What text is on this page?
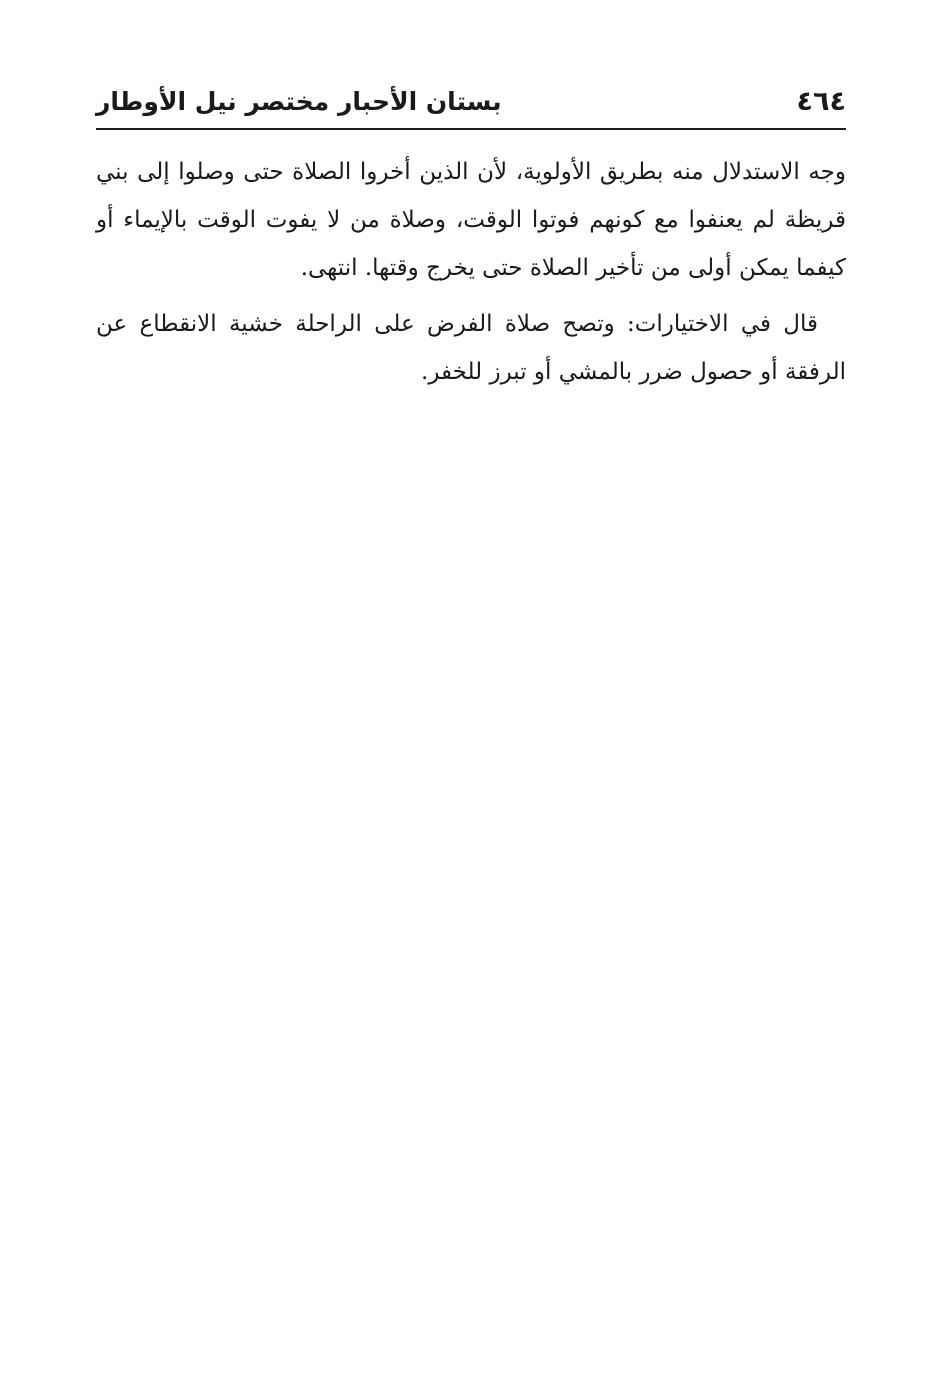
٤٦٤
بستان الأحبار مختصر نيل الأوطار

وجه الاستدلال منه بطريق الأولوية، لأن الذين أخروا الصلاة حتى وصلوا إلى بني قريظة لم يعنفوا مع كونهم فوتوا الوقت، وصلاة من لا يفوت الوقت بالإيماء أو كيفما يمكن أولى من تأخير الصلاة حتى يخرج وقتها. انتهى.

قال في الاختيارات: وتصح صلاة الفرض على الراحلة خشية الانقطاع عن الرفقة أو حصول ضرر بالمشي أو تبرز للخفر.
